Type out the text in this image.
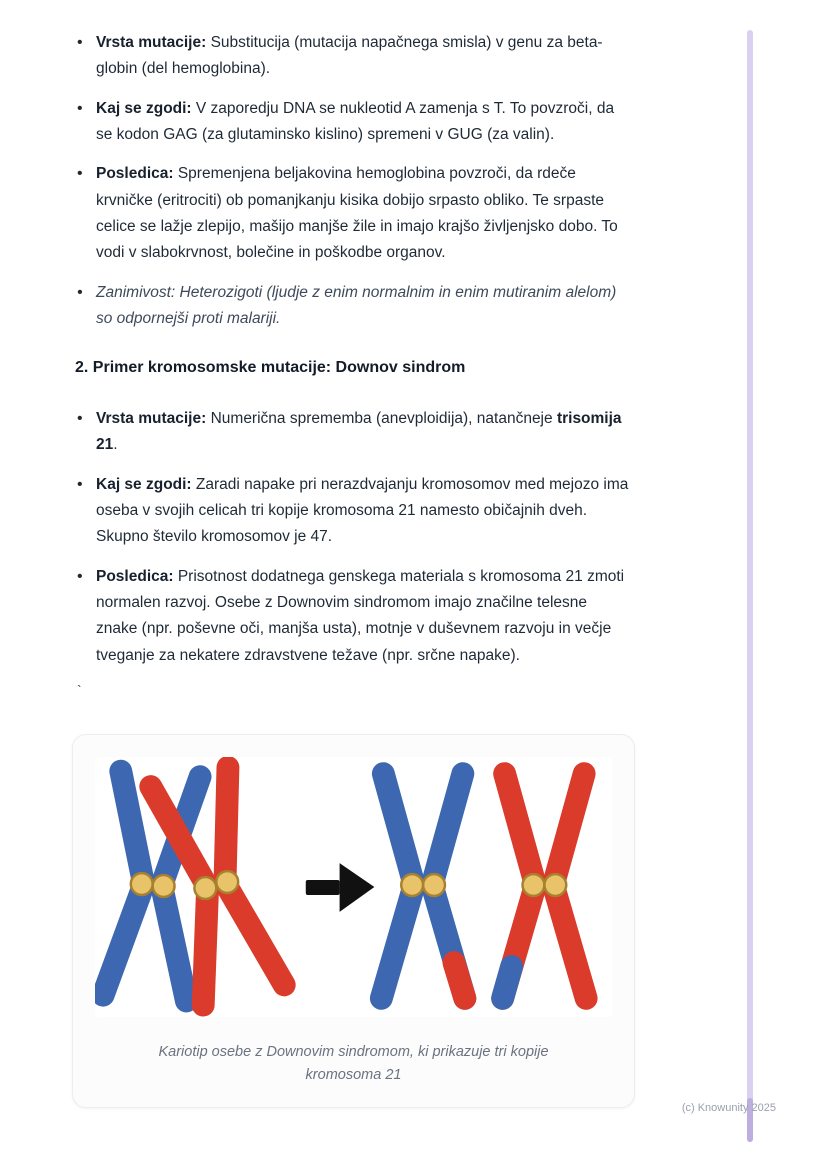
• Vrsta mutacije: Substitucija (mutacija napačnega smisla) v genu za beta-globin (del hemoglobina).
• Kaj se zgodi: V zaporedju DNA se nukleotid A zamenja s T. To povzroči, da se kodon GAG (za glutaminsko kislino) spremeni v GUG (za valin).
• Posledica: Spremenjena beljakovina hemoglobina povzroči, da rdeče krvničke (eritrociti) ob pomanjkanju kisika dobijo srpasto obliko. Te srpaste celice se lažje zlepijo, mašijo manjše žile in imajo krajšo življenjsko dobo. To vodi v slabokrvnost, bolečine in poškodbe organov.
• Zanimivost: Heterozigoti (ljudje z enim normalnim in enim mutiranim alelom) so odpornejši proti malariji.
2. Primer kromosomske mutacije: Downov sindrom
• Vrsta mutacije: Numerična sprememba (anevploidija), natančneje trisomija 21.
• Kaj se zgodi: Zaradi napake pri nerazdvajanju kromosomov med mejozo ima oseba v svojih celicah tri kopije kromosoma 21 namesto običajnih dveh. Skupno število kromosomov je 47.
• Posledica: Prisotnost dodatnega genskega materiala s kromosoma 21 zmoti normalen razvoj. Osebe z Downovim sindromom imajo značilne telesne znake (npr. poševne oči, manjša usta), motnje v duševnem razvoju in večje tveganje za nekatere zdravstvene težave (npr. srčne napake).
`
Kariotip osebe z Downovim sindromom, ki prikazuje tri kopije kromosoma 21
(c) Knowunity 2025
